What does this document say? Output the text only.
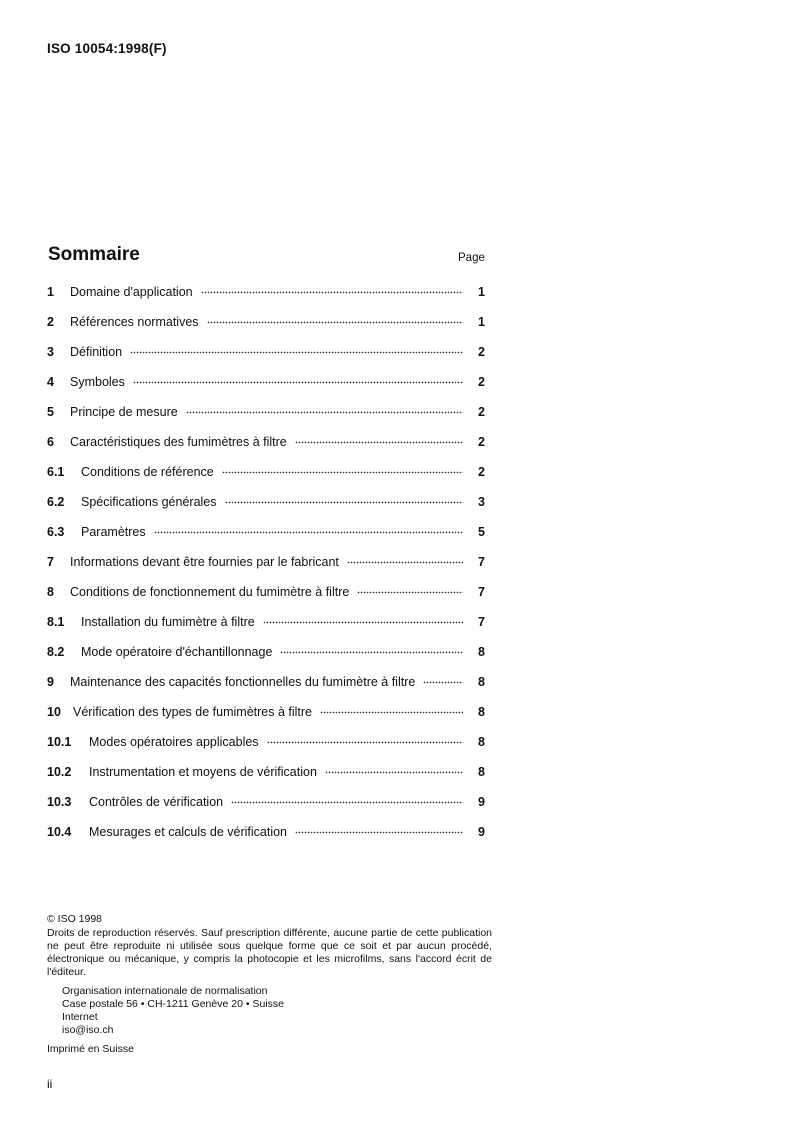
ISO 10054:1998(F)
Sommaire	Page
1	Domaine d'application	1
2	Références normatives	1
3	Définition	2
4	Symboles	2
5	Principe de mesure	2
6	Caractéristiques des fumimètres à filtre	2
6.1	Conditions de référence	2
6.2	Spécifications générales	3
6.3	Paramètres	5
7	Informations devant être fournies par le fabricant	7
8	Conditions de fonctionnement du fumimètre à filtre	7
8.1	Installation du fumimètre à filtre	7
8.2	Mode opératoire d'échantillonnage	8
9	Maintenance des capacités fonctionnelles du fumimètre à filtre	8
10 Vérification des types de fumimètres à filtre	8
10.1	Modes opératoires applicables	8
10.2	Instrumentation et moyens de vérification	8
10.3	Contrôles de vérification	9
10.4	Mesurages et calculs de vérification	9
© ISO 1998
Droits de reproduction réservés. Sauf prescription différente, aucune partie de cette publication ne peut être reproduite ni utilisée sous quelque forme que ce soit et par aucun procédé, électronique ou mécanique, y compris la photocopie et les microfilms, sans l'accord écrit de l'éditeur.
Organisation internationale de normalisation
Case postale 56 • CH-1211 Genève 20 • Suisse
Internet
iso@iso.ch
Imprimé en Suisse
ii
